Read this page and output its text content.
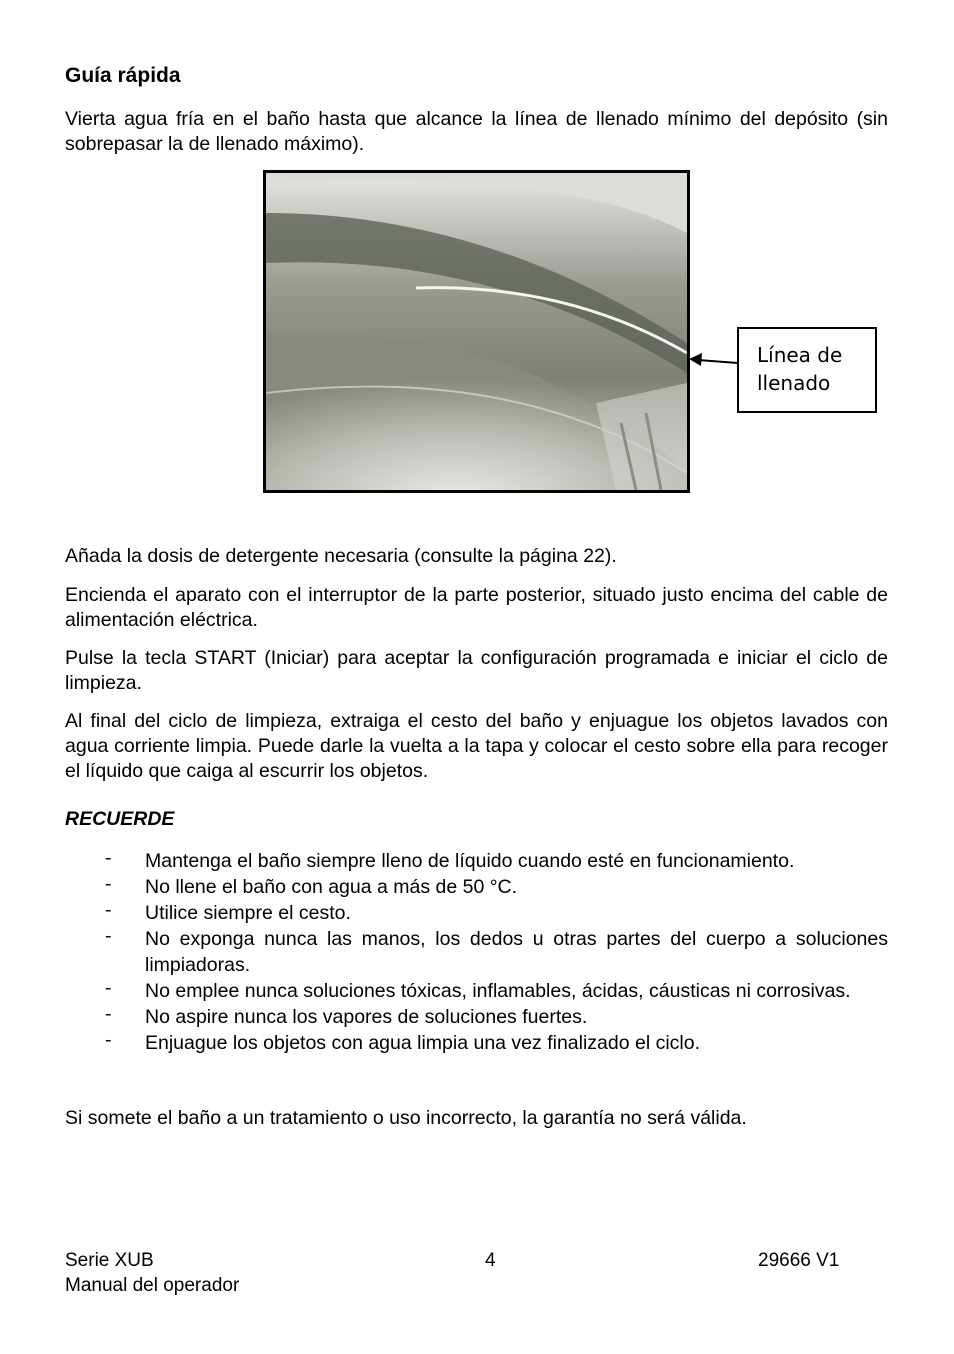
Guía rápida
Vierta agua fría en el baño hasta que alcance la línea de llenado mínimo del depósito (sin sobrepasar la de llenado máximo).
Línea de
llenado
Añada la dosis de detergente necesaria (consulte la página 22).
Encienda el aparato con el interruptor de la parte posterior, situado justo encima del cable de alimentación eléctrica.
Pulse la tecla START (Iniciar) para aceptar la configuración programada e iniciar el ciclo de limpieza.
Al final del ciclo de limpieza, extraiga el cesto del baño y enjuague los objetos lavados con agua corriente limpia. Puede darle la vuelta a la tapa y colocar el cesto sobre ella para recoger el líquido que caiga al escurrir los objetos.
RECUERDE
- Mantenga el baño siempre lleno de líquido cuando esté en funcionamiento.
- No llene el baño con agua a más de 50 °C.
- Utilice siempre el cesto.
- No exponga nunca las manos, los dedos u otras partes del cuerpo a soluciones limpiadoras.
- No emplee nunca soluciones tóxicas, inflamables, ácidas, cáusticas ni corrosivas.
- No aspire nunca los vapores de soluciones fuertes.
- Enjuague los objetos con agua limpia una vez finalizado el ciclo.
Si somete el baño a un tratamiento o uso incorrecto, la garantía no será válida.
Serie XUB
Manual del operador
4	29666 V1
